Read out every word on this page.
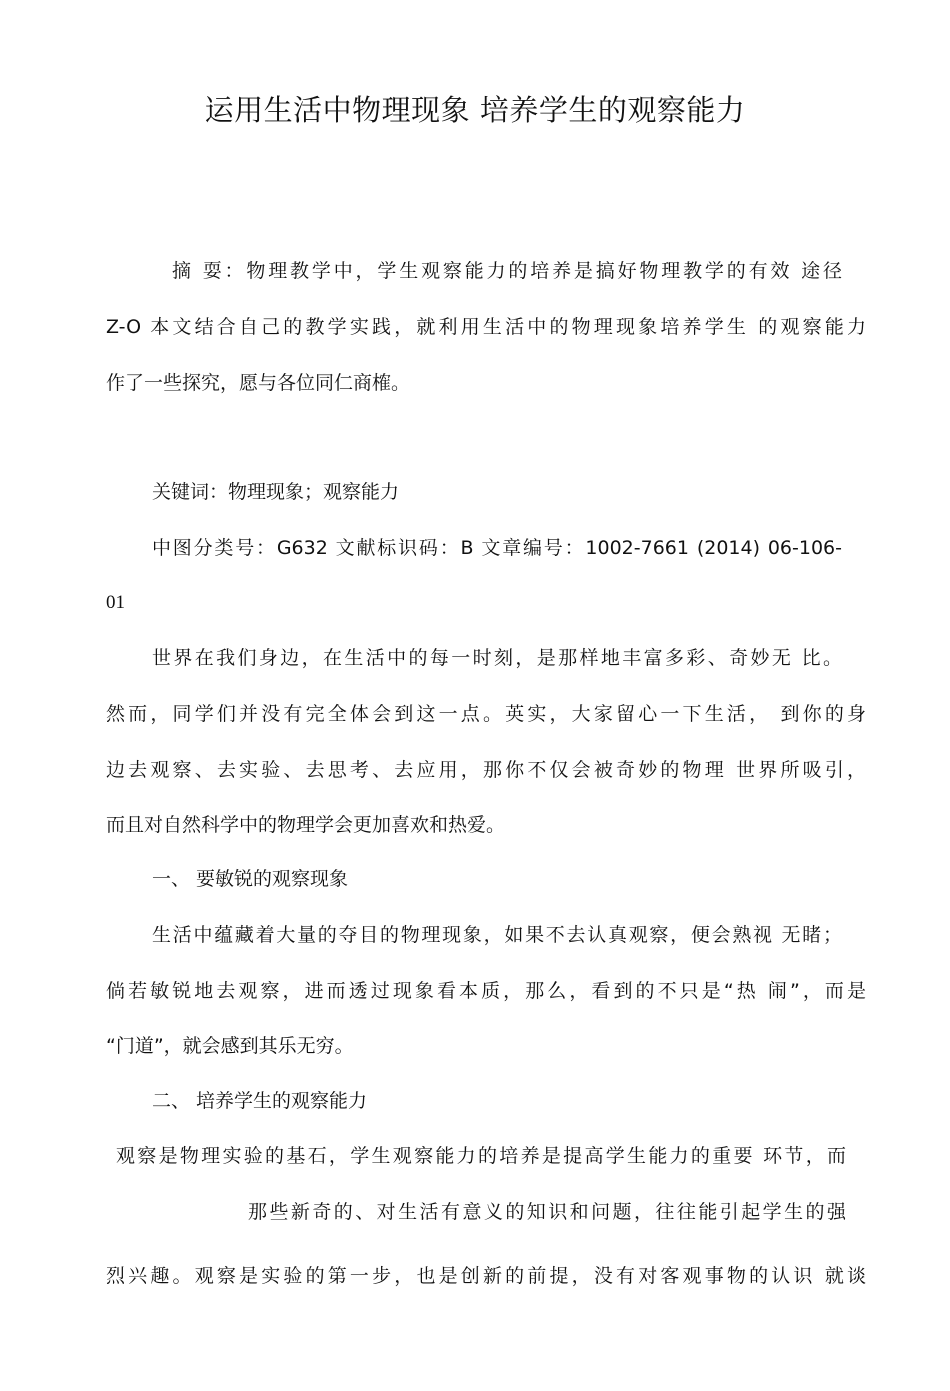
运用生活中物理现象 培养学生的观察能力
摘 耍：物理教学中，学生观察能力的培养是搞好物理教学的有效 途径
Z-O 本文结合自己的教学实践，就利用生活中的物理现象培养学生 的观察能力
作了一些探究，愿与各位同仁商榷。
关键词：物理现象；观察能力
中图分类号：G632 文献标识码：B 文章编号：1002-7661 (2014) 06-106-
01
世界在我们身边，在生活中的每一时刻，是那样地丰富多彩、奇妙无 比。
然而，同学们并没有完全体会到这一点。英实，大家留心一下生活， 到你的身
边去观察、去实验、去思考、去应用，那你不仅会被奇妙的物理 世界所吸引，
而且对自然科学中的物理学会更加喜欢和热爱。
一、 要敏锐的观察现象
生活中蕴藏着大量的夺目的物理现象，如果不去认真观察，便会熟视 无睹；
倘若敏锐地去观察，进而透过现象看本质，那么，看到的不只是“热 闹”，而是
“门道”，就会感到其乐无穷。
二、 培养学生的观察能力
观察是物理实验的基石，学生观察能力的培养是提高学生能力的重要 环节，而
那些新奇的、对生活有意义的知识和问题，往往能引起学生的强
烈兴趣。观察是实验的第一步，也是创新的前提，没有对客观事物的认识 就谈
